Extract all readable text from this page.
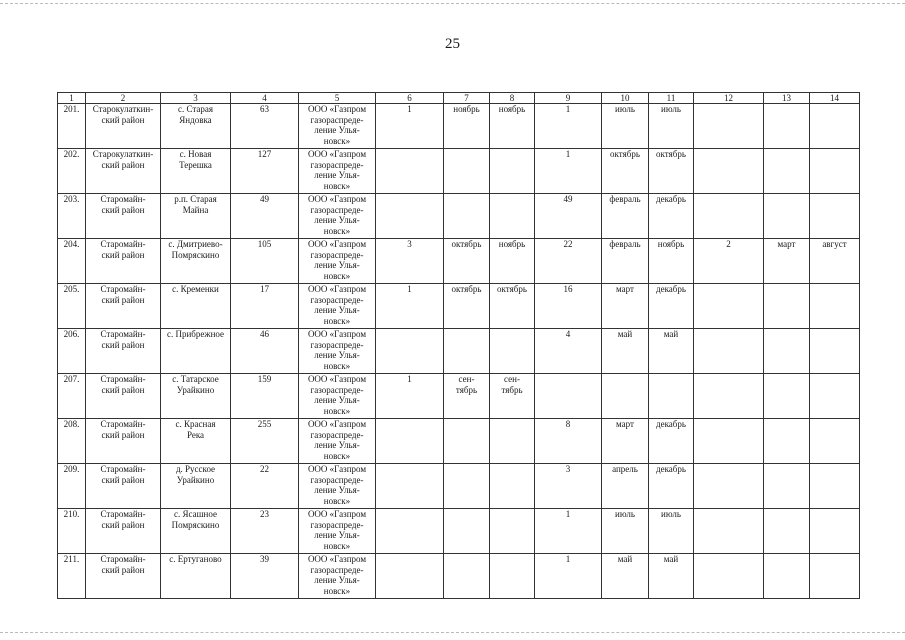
25
1	2	3	4	5	6	7	8	9	10	11	12	13	14

201.	Старокулаткин-
ский район	с. Старая
Яндовка	63	ООО «Газпром
газораспреде-
ление Улья-
новск»	1	ноябрь	ноябрь	1	июль	июль			

202.	Старокулаткин-
ский район	с. Новая
Терешка	127	ООО «Газпром
газораспреде-
ление Улья-
новск»				1	октябрь	октябрь			

203.	Старомайн-
ский район	р.п. Старая
Майна	49	ООО «Газпром
газораспреде-
ление Улья-
новск»				49	февраль	декабрь			

204.	Старомайн-
ский район	с. Дмитриево-
Помряскино	105	ООО «Газпром
газораспреде-
ление Улья-
новск»	3	октябрь	ноябрь	22	февраль	ноябрь	2	март	август

205.	Старомайн-
ский район	с. Кременки	17	ООО «Газпром
газораспреде-
ление Улья-
новск»	1	октябрь	октябрь	16	март	декабрь			

206.	Старомайн-
ский район	с. Прибрежное	46	ООО «Газпром
газораспреде-
ление Улья-
новск»				4	май	май			

207.	Старомайн-
ский район	с. Татарское
Урайкино	159	ООО «Газпром
газораспреде-
ление Улья-
новск»	1	сен-
тябрь	сен-
тябрь						

208.	Старомайн-
ский район	с. Красная
Река	255	ООО «Газпром
газораспреде-
ление Улья-
новск»				8	март	декабрь			

209.	Старомайн-
ский район	д. Русское
Урайкино	22	ООО «Газпром
газораспреде-
ление Улья-
новск»				3	апрель	декабрь			

210.	Старомайн-
ский район	с. Ясашное
Помряскино	23	ООО «Газпром
газораспреде-
ление Улья-
новск»				1	июль	июль			

211.	Старомайн-
ский район	с. Ертуганово	39	ООО «Газпром
газораспреде-
ление Улья-
новск»				1	май	май			
